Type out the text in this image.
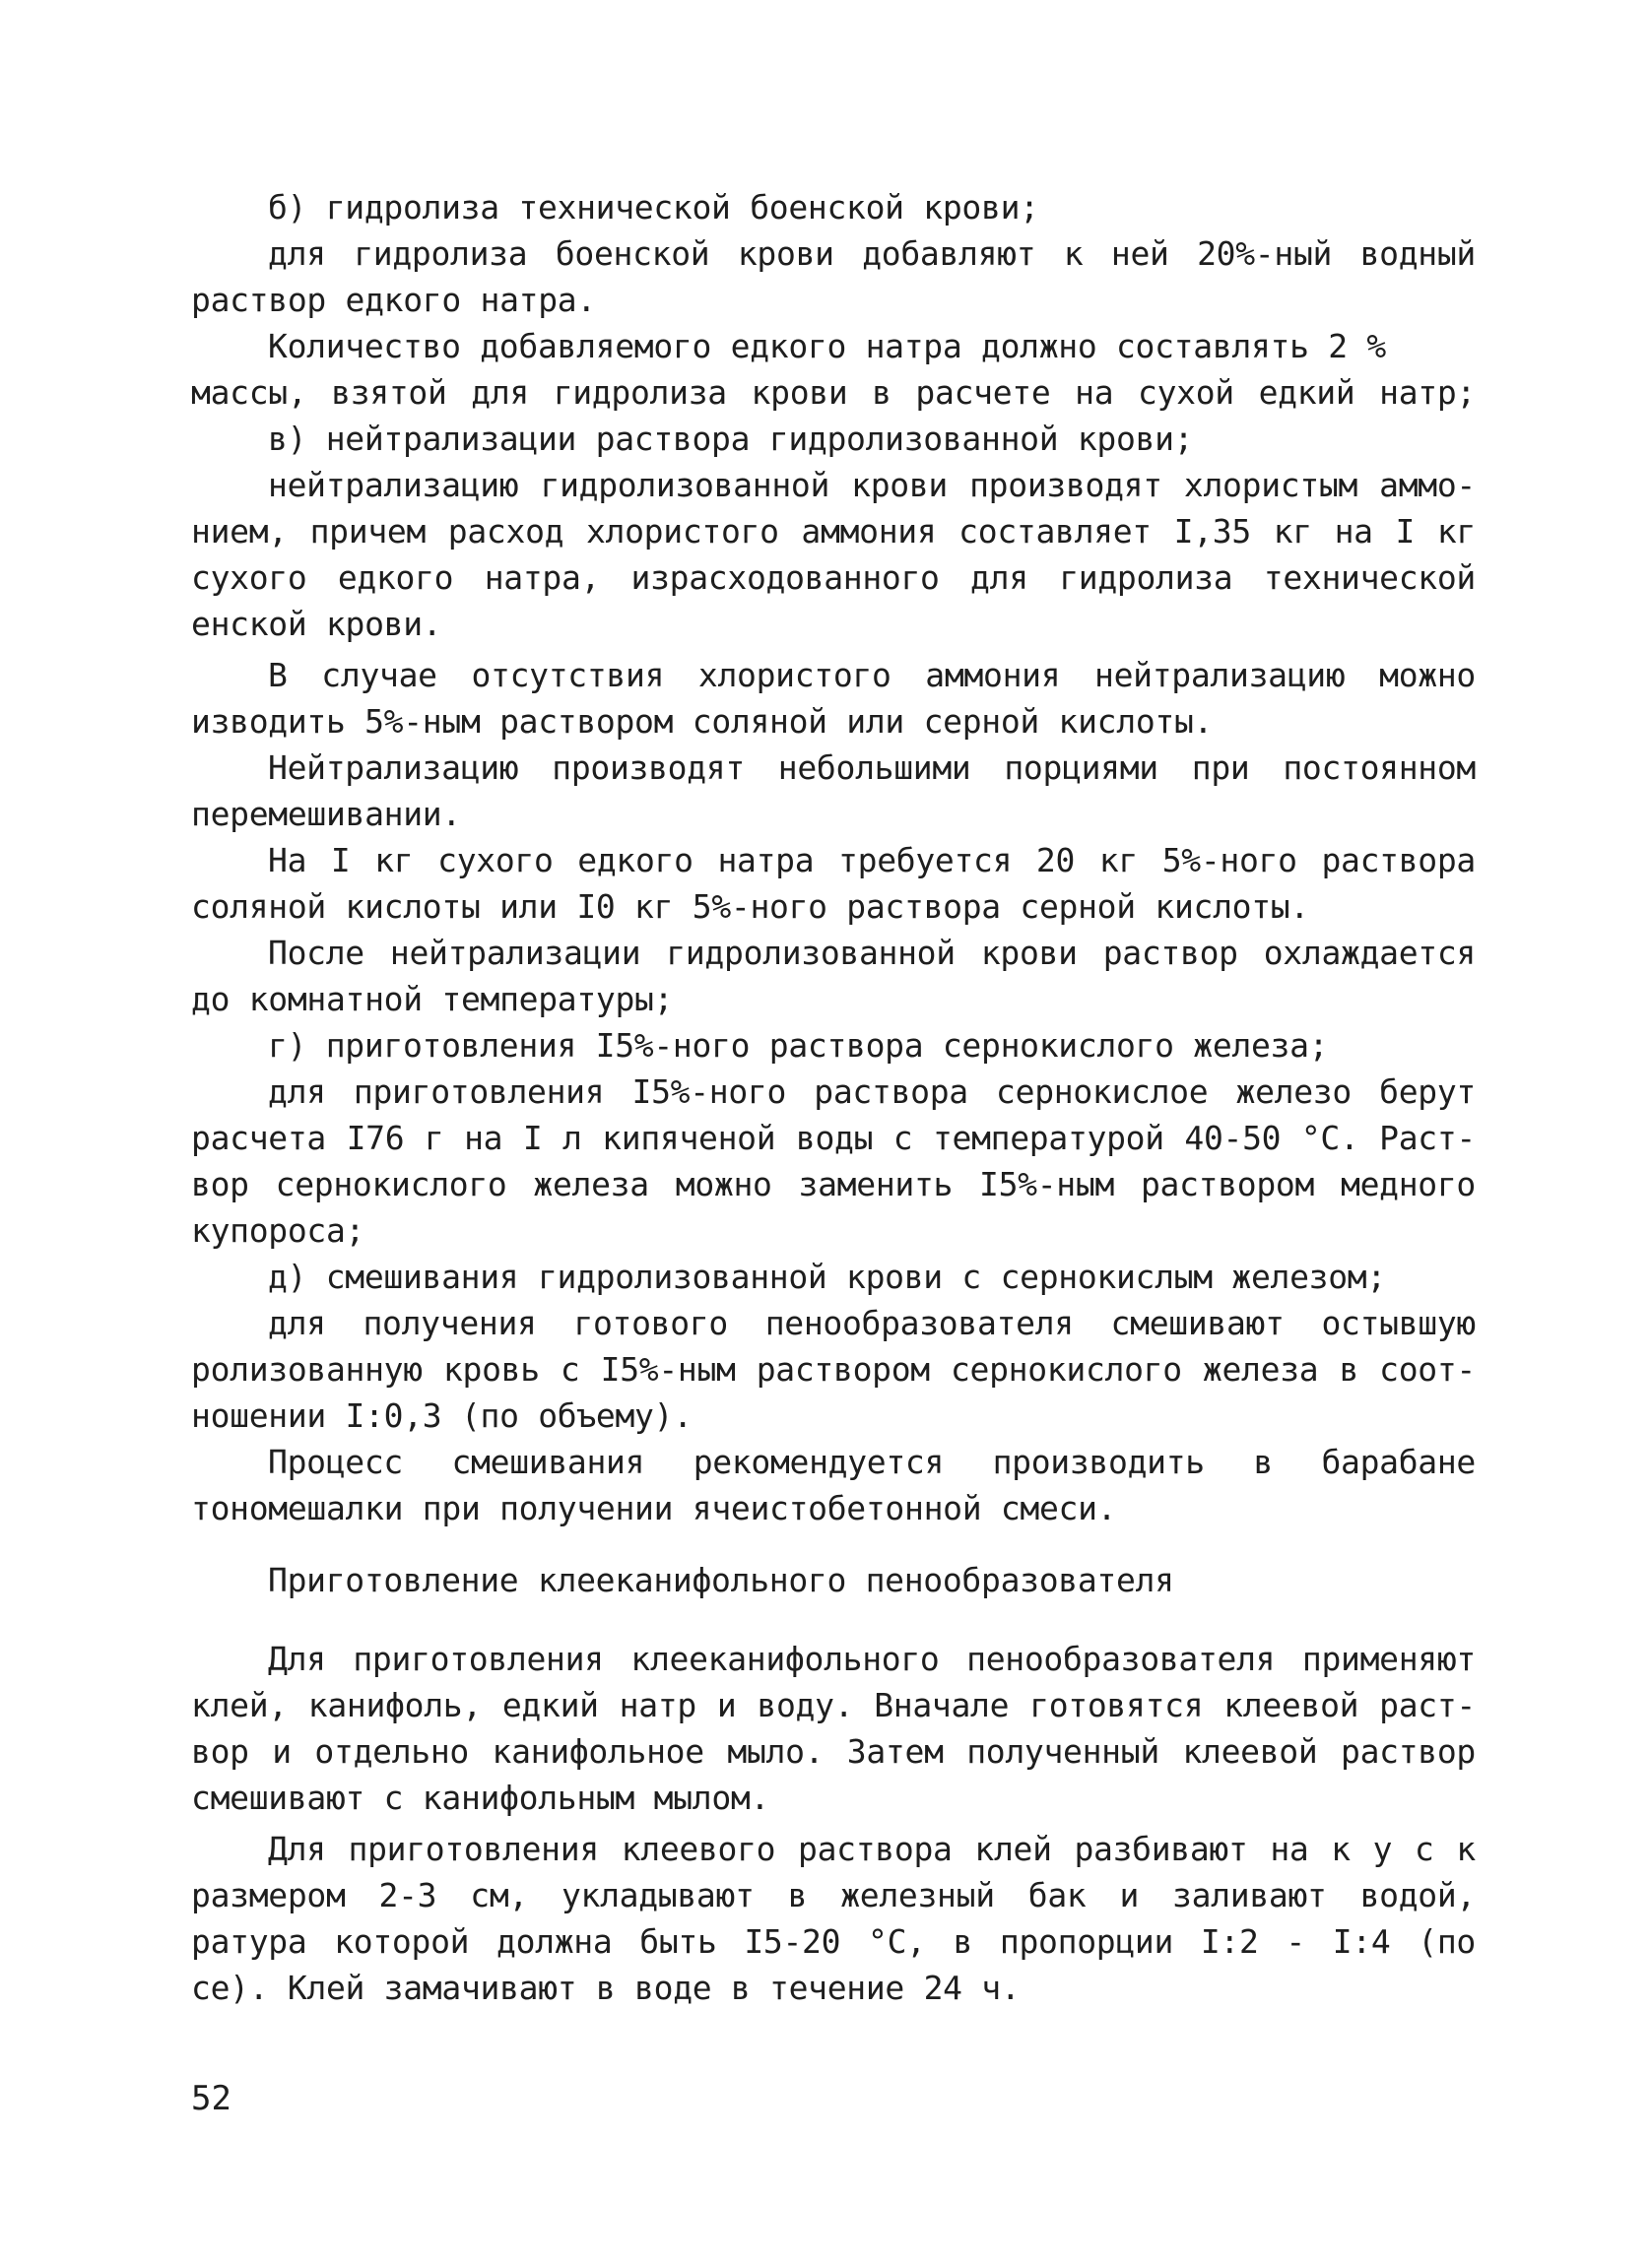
б) гидролиза технической боенской крови;
для гидролиза боенской крови добавляют к ней 20%-ный водный
раствор едкого натра.
Количество добавляемого едкого натра должно составлять 2 %
массы, взятой для гидролиза крови в расчете на сухой едкий натр;
в) нейтрализации раствора гидролизованной крови;
нейтрализацию гидролизованной крови производят хлористым аммо-
нием, причем расход хлористого аммония составляет I,35 кг на I кг
сухого едкого натра, израсходованного для гидролиза технической
енской крови.
В случае отсутствия хлористого аммония нейтрализацию можно
изводить 5%-ным раствором соляной или серной кислоты.
Нейтрализацию производят небольшими порциями при постоянном
перемешивании.
На I кг сухого едкого натра требуется 20 кг 5%-ного раствора
соляной кислоты или I0 кг 5%-ного раствора серной кислоты.
После нейтрализации гидролизованной крови раствор охлаждается
до комнатной температуры;
г) приготовления I5%-ного раствора сернокислого железа;
для приготовления I5%-ного раствора сернокислое железо берут
расчета I76 г на I л кипяченой воды с температурой 40-50 °С. Раст-
вор сернокислого железа можно заменить I5%-ным раствором медного
купороса;
д) смешивания гидролизованной крови с сернокислым железом;
для получения готового пенообразователя смешивают остывшую
ролизованную кровь с I5%-ным раствором сернокислого железа в соот-
ношении I:0,3 (по объему).
Процесс смешивания рекомендуется производить в барабане
тономешалки при получении ячеистобетонной смеси.
Приготовление клееканифольного пенообразователя
Для приготовления клееканифольного пенообразователя применяют
клей, канифоль, едкий натр и воду. Вначале готовятся клеевой раст-
вор и отдельно канифольное мыло. Затем полученный клеевой раствор
смешивают с канифольным мылом.
Для приготовления клеевого раствора клей разбивают на к у с к
размером 2-3 см, укладывают в железный бак и заливают водой,
ратура которой должна быть I5-20 °С, в пропорции I:2 - I:4 (по
се). Клей замачивают в воде в течение 24 ч.
52
